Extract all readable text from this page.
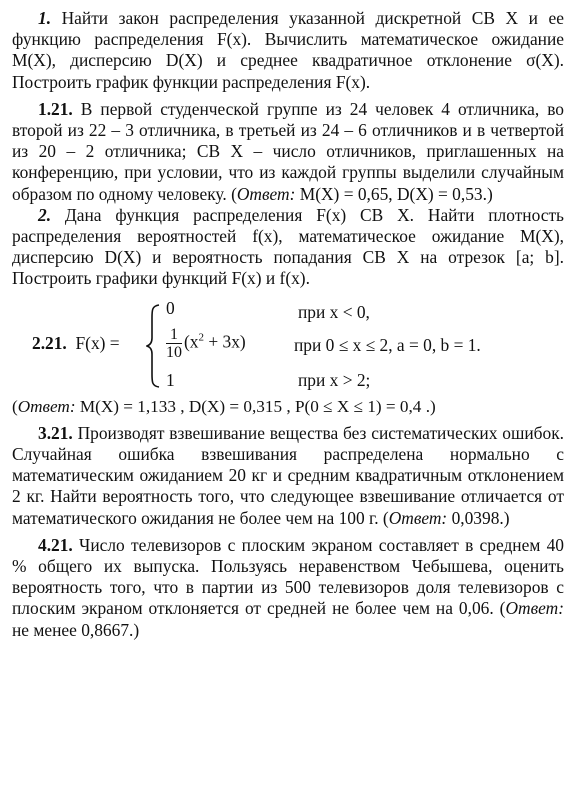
1. Найти закон распределения указанной дискретной СВ X и ее функцию распределения F(x). Вычислить математическое ожидание M(X), дисперсию D(X) и среднее квадратичное отклонение σ(X). Построить график функции распределения F(x).

1.21. В первой студенческой группе из 24 человек 4 отличника, во второй из 22 – 3 отличника, в третьей из 24 – 6 отличников и в четвертой из 20 – 2 отличника; СВ X – число отличников, приглашенных на конференцию, при условии, что из каждой группы выделили случайным образом по одному человеку. (Ответ: M(X) = 0,65, D(X) = 0,53.)

2. Дана функция распределения F(x) СВ X. Найти плотность распределения вероятностей f(x), математическое ожидание M(X), дисперсию D(X) и вероятность попадания СВ X на отрезок [a; b]. Построить графики функций F(x) и f(x).

2.21. F(x) =
0	при x < 0,
$\frac{1}{10} (x^2 + 3x)$	при 0 ≤ x ≤ 2, a = 0, b = 1.
1	при x > 2;

(Ответ: M(X) = 1,133 , D(X) = 0,315 , P(0 ≤ X ≤ 1) = 0,4 .)

3.21. Производят взвешивание вещества без систематических ошибок. Случайная ошибка взвешивания распределена нормально с математическим ожиданием 20 кг и средним квадратичным отклонением 2 кг. Найти вероятность того, что следующее взвешивание отличается от математического ожидания не более чем на 100 г. (Ответ: 0,0398.)

4.21. Число телевизоров с плоским экраном составляет в среднем 40 % общего их выпуска. Пользуясь неравенством Чебышева, оценить вероятность того, что в партии из 500 телевизоров доля телевизоров с плоским экраном отклоняется от средней не более чем на 0,06. (Ответ: не менее 0,8667.)
